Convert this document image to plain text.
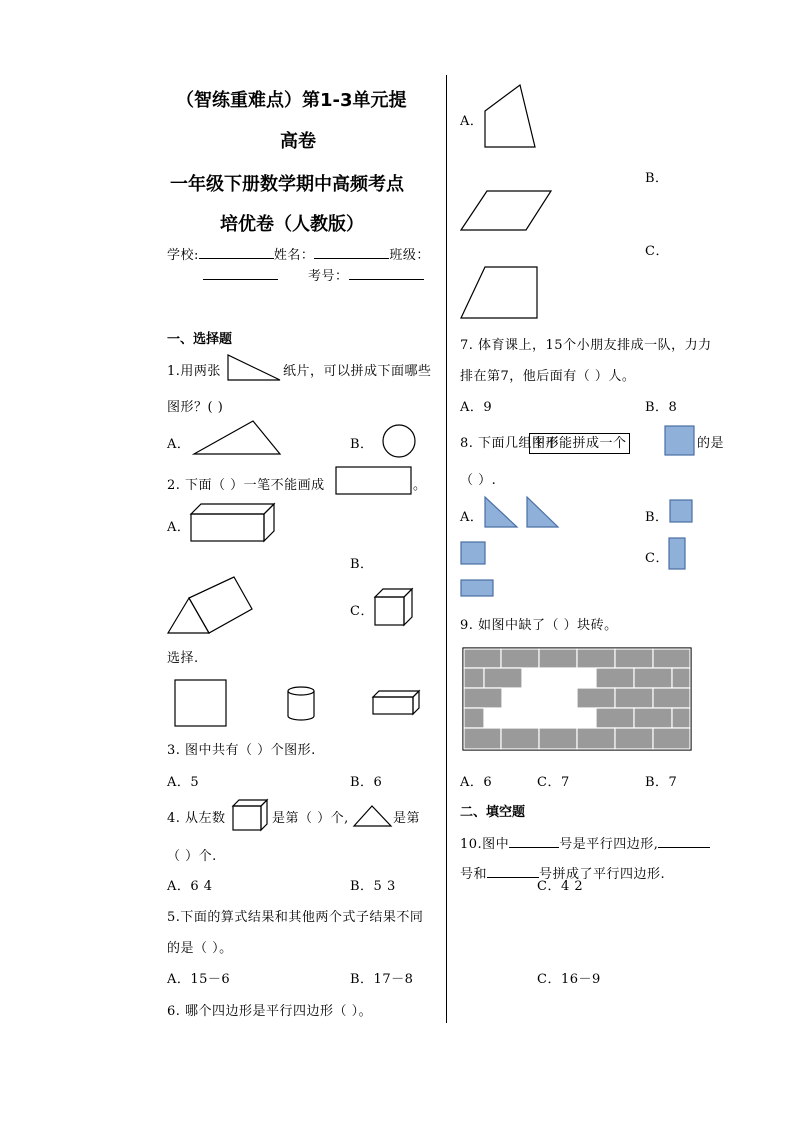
（智练重难点）第1-3单元提
高卷
一年级下册数学期中高频考点
培优卷（人教版）
学校:	姓名：	班级：
考号：
一、选择题
1.用两张	纸片，可以拼成下面哪些
图形？( )
A．	B．
2. 下面（ ）一笔不能画成	。
A．
B．
C．
选择.
3. 图中共有（ ）个图形.
A．5	B．6
4. 从左数	是第（ ）个,	是第
（ ）个.
A．6 4	B．5 3
5.下面的算式结果和其他两个式子结果不同
的是（ ）。
A．15－6	B．17－8
6. 哪个四边形是平行四边形（ ）。
A．
B．
C．
7. 体育课上，15个小朋友排成一队，力力
排在第7，他后面有（ ）人。
A．9	B．8
8. 下面几组图形中不能拼成一个	的是
（ ）.
A．	B．
C．
9. 如图中缺了（ ）块砖。
A．6	C．7	B．7
二、填空题
10.图中	号是平行四边形,
号和	号拼成了平行四边形.
C．4 2
C．16－9
